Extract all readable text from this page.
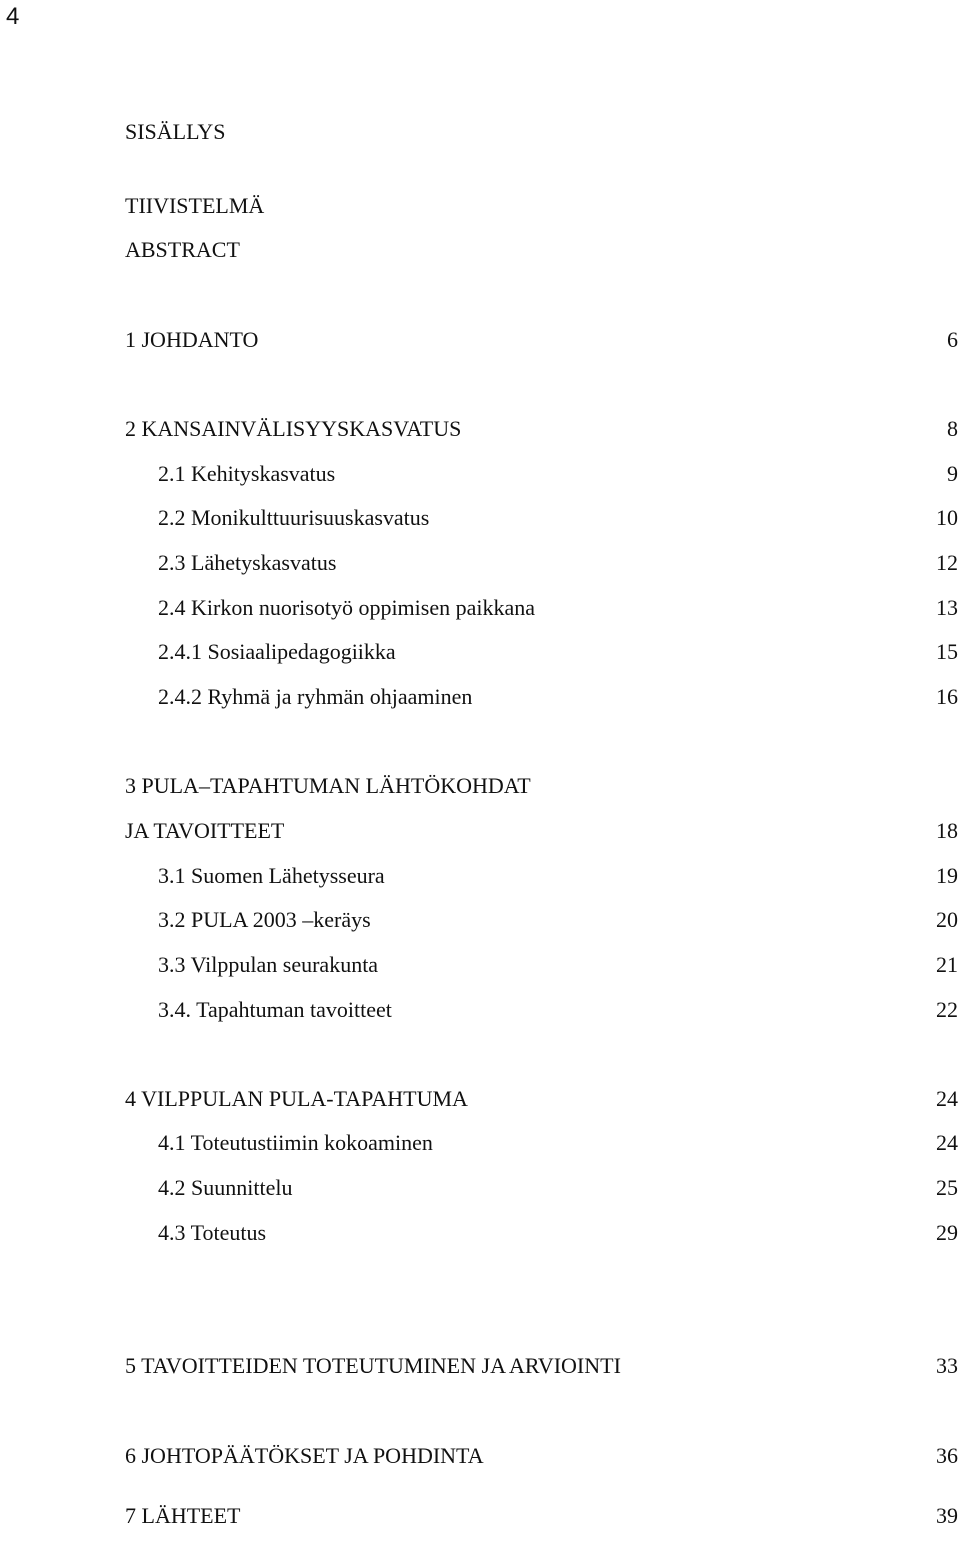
4
SISÄLLYS
TIIVISTELMÄ
ABSTRACT
1 JOHDANTO	6
2 KANSAINVÄLISYYSKASVATUS	8
2.1 Kehityskasvatus	9
2.2 Monikulttuurisuuskasvatus	10
2.3 Lähetyskasvatus	12
2.4 Kirkon nuorisotyö oppimisen paikkana	13
2.4.1 Sosiaalipedagogiikka	15
2.4.2 Ryhmä ja ryhmän ohjaaminen	16
3 PULA–TAPAHTUMAN LÄHTÖKOHDAT
JA TAVOITTEET	18
3.1 Suomen Lähetysseura	19
3.2 PULA 2003 –keräys	20
3.3 Vilppulan seurakunta	21
3.4. Tapahtuman tavoitteet	22
4 VILPPULAN PULA-TAPAHTUMA	24
4.1 Toteutustiimin kokoaminen	24
4.2 Suunnittelu	25
4.3 Toteutus	29
5 TAVOITTEIDEN TOTEUTUMINEN JA ARVIOINTI	33
6 JOHTOPÄÄTÖKSET JA POHDINTA	36
7 LÄHTEET	39
